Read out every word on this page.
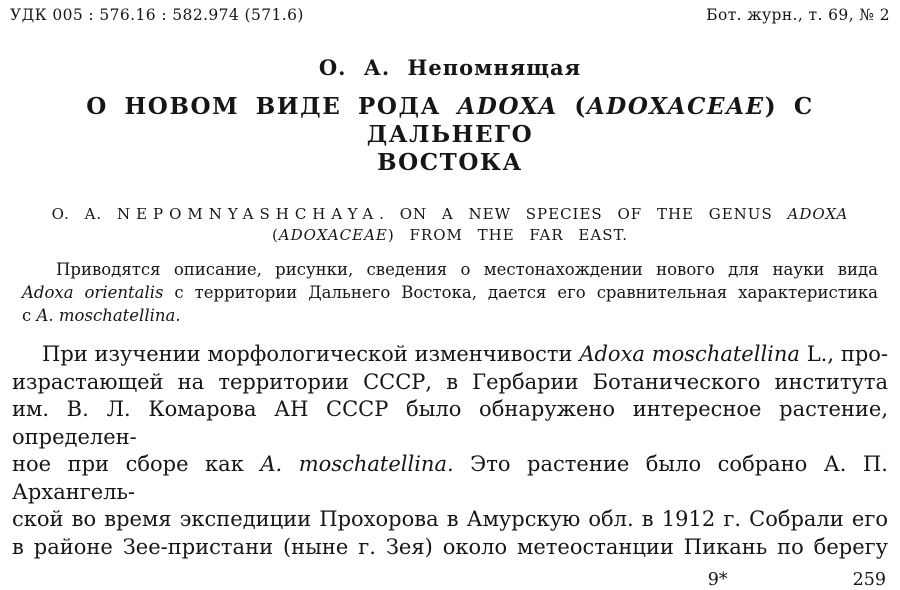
УДК 005 : 576.16 : 582.974 (571.6)	Бот. журн., т. 69, № 2
О. А. Непомнящая
О НОВОМ ВИДЕ РОДА ADOXA (ADOXACEAE) С ДАЛЬНЕГО
ВОСТОКА
O. A. NEPOMNYASHCHAYA. ON A NEW SPECIES OF THE GENUS ADOXA
(ADOXACEAE) FROM THE FAR EAST.
Приводятся описание, рисунки, сведения о местонахождении нового для науки вида
Adoxa orientalis с территории Дальнего Востока, дается его сравнительная характеристика
с A. moschatellina.
При изучении морфологической изменчивости Adoxa moschatellina L., про-
израстающей на территории СССР, в Гербарии Ботанического института
им. В. Л. Комарова АН СССР было обнаружено интересное растение, определен-
ное при сборе как A. moschatellina. Это растение было собрано А. П. Архангель-
ской во время экспедиции Прохорова в Амурскую обл. в 1912 г. Собрали его
в районе Зее-пристани (ныне г. Зея) около метеостанции Пикань по берегу
9*	259
